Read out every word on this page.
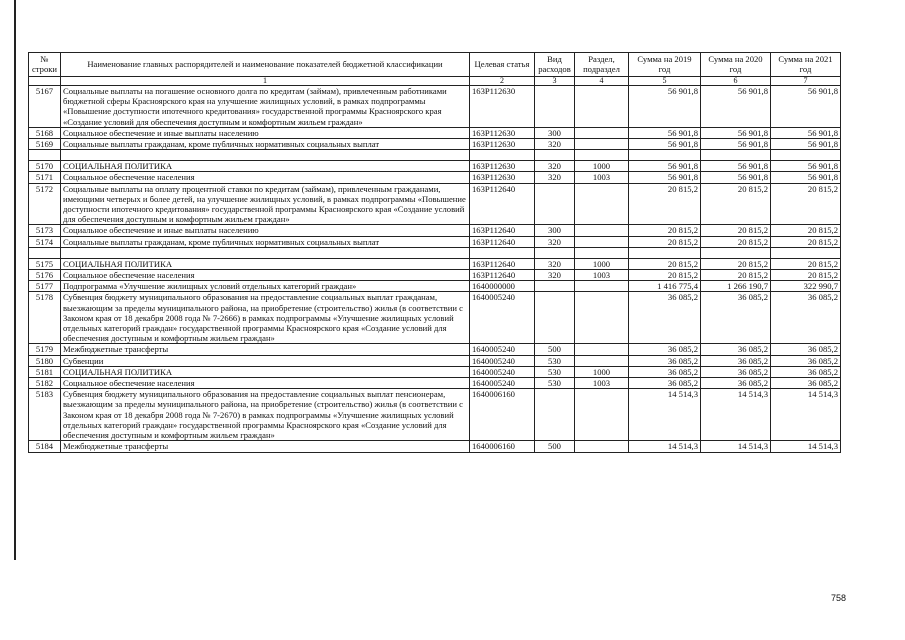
№ строки	Наименование главных распорядителей и наименование показателей бюджетной классификации	Целевая статья	Вид расходов	Раздел, подраздел	Сумма на 2019 год	Сумма на 2020 год	Сумма на 2021 год
	1	2	3	4	5	6	7
5167	Социальные выплаты на погашение основного долга по кредитам (займам), привлеченным работниками бюджетной сферы Красноярского края на улучшение жилищных условий, в рамках подпрограммы «Повышение доступности ипотечного кредитования» государственной программы Красноярского края «Создание условий для обеспечения доступным и комфортным жильем граждан»	163P112630			56 901,8	56 901,8	56 901,8
5168	Социальное обеспечение и иные выплаты населению	163P112630	300		56 901,8	56 901,8	56 901,8
5169	Социальные выплаты гражданам, кроме публичных нормативных социальных выплат	163P112630	320		56 901,8	56 901,8	56 901,8

5170	СОЦИАЛЬНАЯ ПОЛИТИКА	163P112630	320	1000	56 901,8	56 901,8	56 901,8
5171	Социальное обеспечение населения	163P112630	320	1003	56 901,8	56 901,8	56 901,8
5172	Социальные выплаты на оплату процентной ставки по кредитам (займам), привлеченным гражданами, имеющими четверых и более детей, на улучшение жилищных условий, в рамках подпрограммы «Повышение доступности ипотечного кредитования» государственной программы Красноярского края «Создание условий для обеспечения доступным и комфортным жильем граждан»	163P112640			20 815,2	20 815,2	20 815,2
5173	Социальное обеспечение и иные выплаты населению	163P112640	300		20 815,2	20 815,2	20 815,2
5174	Социальные выплаты гражданам, кроме публичных нормативных социальных выплат	163P112640	320		20 815,2	20 815,2	20 815,2

5175	СОЦИАЛЬНАЯ ПОЛИТИКА	163P112640	320	1000	20 815,2	20 815,2	20 815,2
5176	Социальное обеспечение населения	163P112640	320	1003	20 815,2	20 815,2	20 815,2
5177	Подпрограмма «Улучшение жилищных условий отдельных категорий граждан»	1640000000			1 416 775,4	1 266 190,7	322 990,7
5178	Субвенция бюджету муниципального образования на предоставление социальных выплат гражданам, выезжающим за пределы муниципального района, на приобретение (строительство) жилья (в соответствии с Законом края от 18 декабря 2008 года № 7-2666) в рамках подпрограммы «Улучшение жилищных условий отдельных категорий граждан» государственной программы Красноярского края «Создание условий для обеспечения доступным и комфортным жильем граждан»	1640005240			36 085,2	36 085,2	36 085,2
5179	Межбюджетные трансферты	1640005240	500		36 085,2	36 085,2	36 085,2
5180	Субвенции	1640005240	530		36 085,2	36 085,2	36 085,2
5181	СОЦИАЛЬНАЯ ПОЛИТИКА	1640005240	530	1000	36 085,2	36 085,2	36 085,2
5182	Социальное обеспечение населения	1640005240	530	1003	36 085,2	36 085,2	36 085,2
5183	Субвенция бюджету муниципального образования на предоставление социальных выплат пенсионерам, выезжающим за пределы муниципального района, на приобретение (строительство) жилья (в соответствии с Законом края от 18 декабря 2008 года № 7-2670) в рамках подпрограммы «Улучшение жилищных условий отдельных категорий граждан» государственной программы Красноярского края «Создание условий для обеспечения доступным и комфортным жильем граждан»	1640006160			14 514,3	14 514,3	14 514,3
5184	Межбюджетные трансферты	1640006160	500		14 514,3	14 514,3	14 514,3
758
